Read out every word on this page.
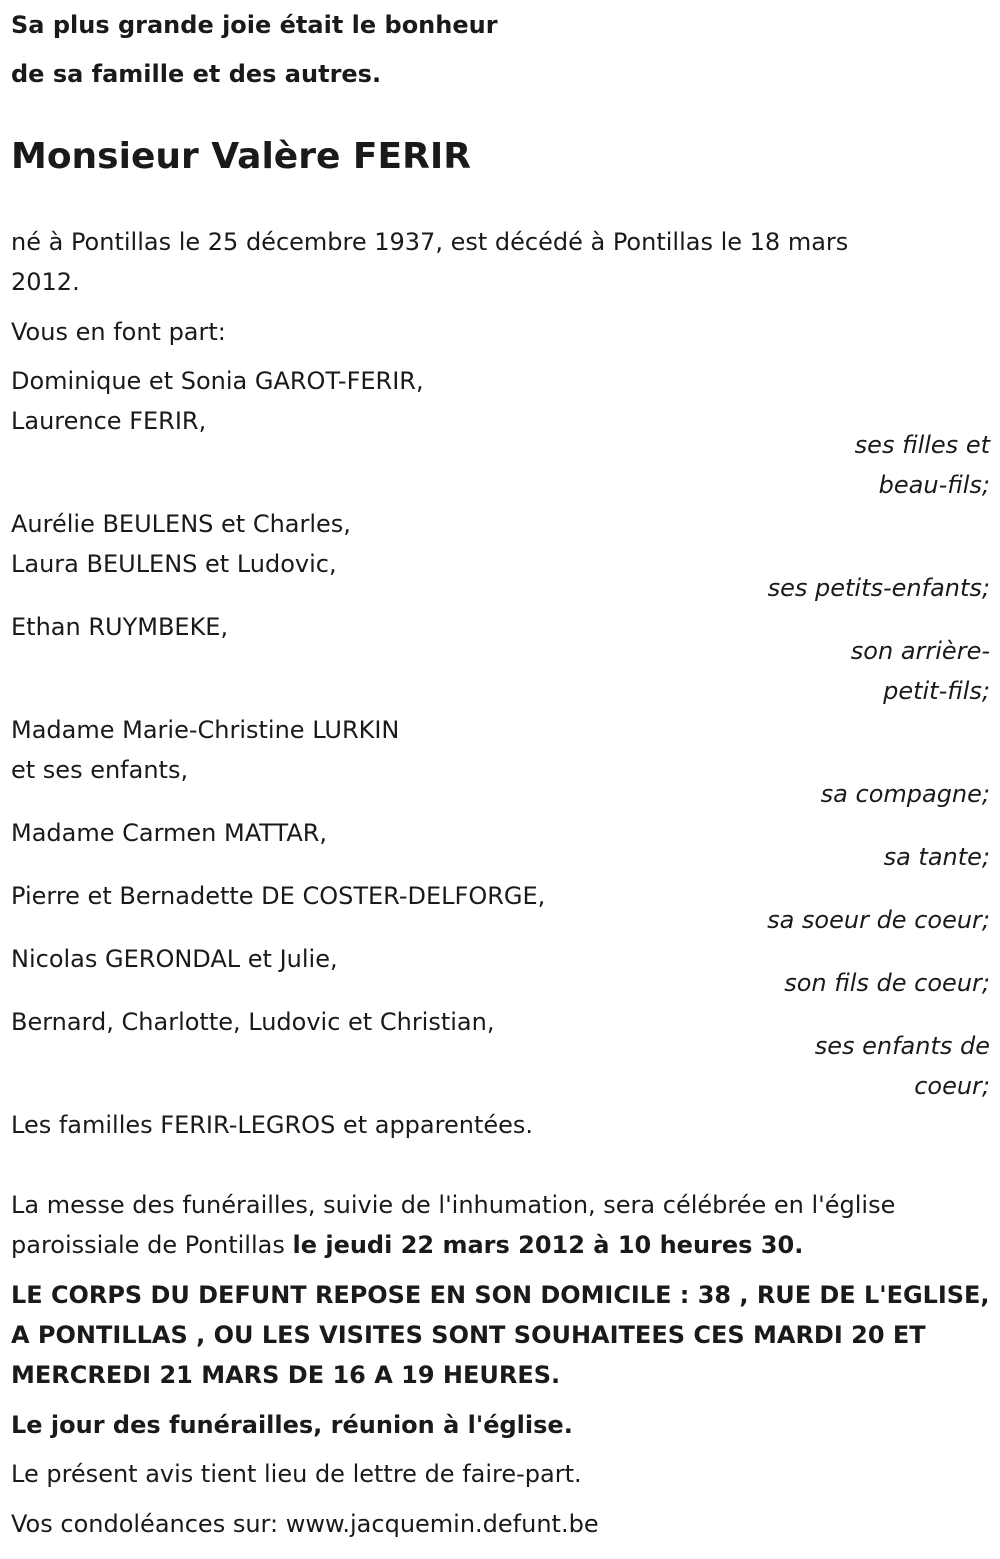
Sa plus grande joie était le bonheur
de sa famille et des autres.
Monsieur Valère FERIR
né à Pontillas le 25 décembre 1937, est décédé à Pontillas le 18 mars
2012.
Vous en font part:
Dominique et Sonia GAROT-FERIR,
Laurence FERIR,
ses filles et
beau-fils;
Aurélie BEULENS et Charles,
Laura BEULENS et Ludovic,
ses petits-enfants;
Ethan RUYMBEKE,
son arrière-
petit-fils;
Madame Marie-Christine LURKIN
et ses enfants,
sa compagne;
Madame Carmen MATTAR,
sa tante;
Pierre et Bernadette DE COSTER-DELFORGE,
sa soeur de coeur;
Nicolas GERONDAL et Julie,
son fils de coeur;
Bernard, Charlotte, Ludovic et Christian,
ses enfants de
coeur;
Les familles FERIR-LEGROS et apparentées.
La messe des funérailles, suivie de l'inhumation, sera célébrée en l'église
paroissiale de Pontillas le jeudi 22 mars 2012 à 10 heures 30.
LE CORPS DU DEFUNT REPOSE EN SON DOMICILE : 38 , RUE DE L'EGLISE,
A PONTILLAS , OU LES VISITES SONT SOUHAITEES CES MARDI 20 ET
MERCREDI 21 MARS DE 16 A 19 HEURES.
Le jour des funérailles, réunion à l'église.
Le présent avis tient lieu de lettre de faire-part.
Vos condoléances sur: www.jacquemin.defunt.be
